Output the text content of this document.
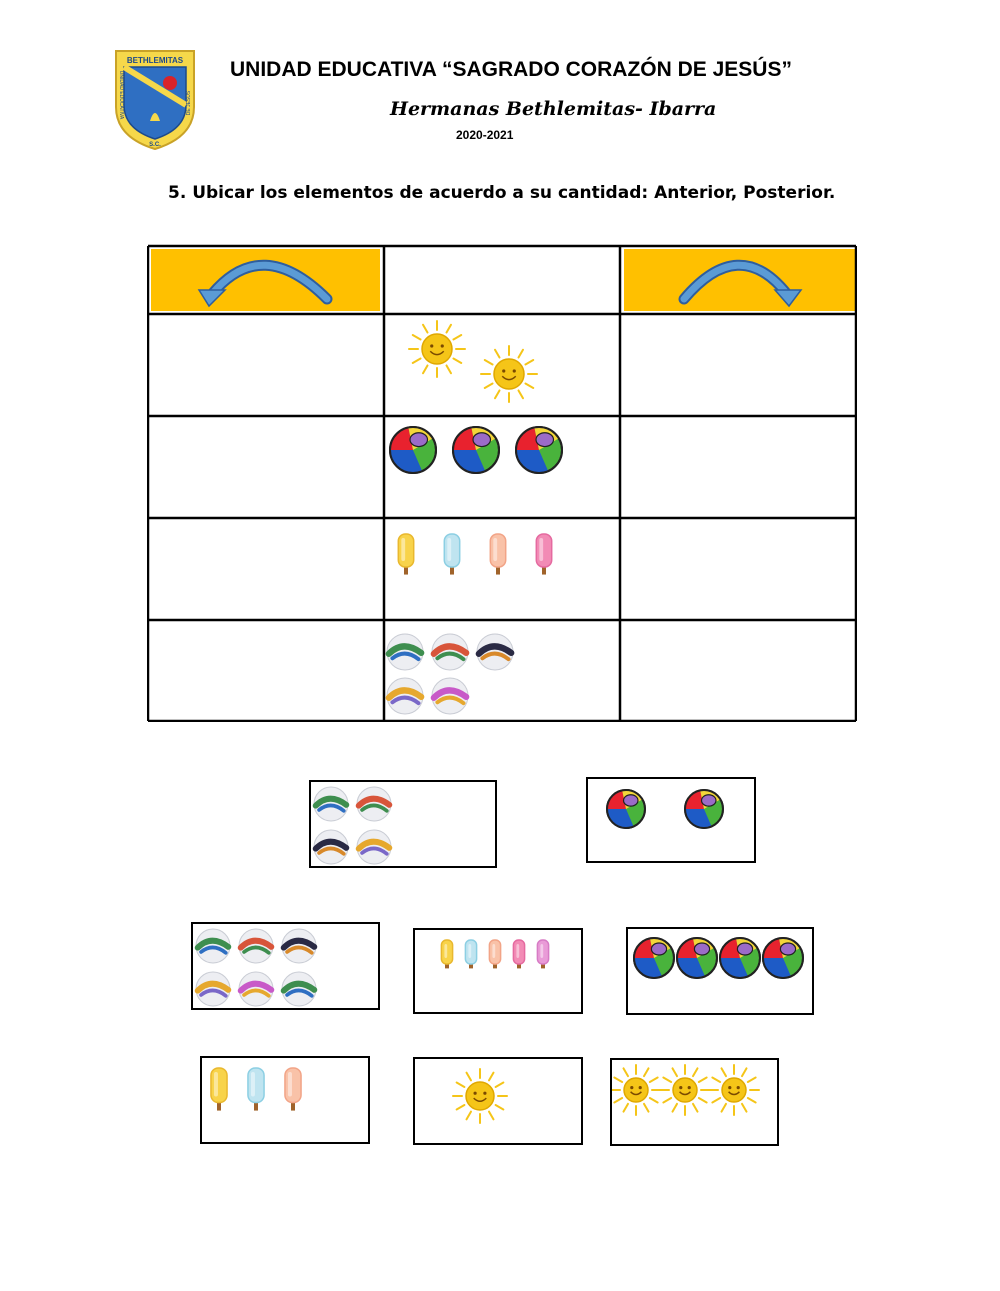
BETHLEMITAS
UNIDAD EDUCATIVA	DE JESUS
S.C.
UNIDAD EDUCATIVA “SAGRADO CORAZÓN DE JESÚS”
Hermanas Bethlemitas- Ibarra
2020-2021
5. Ubicar los elementos de acuerdo a su cantidad: Anterior, Posterior.
